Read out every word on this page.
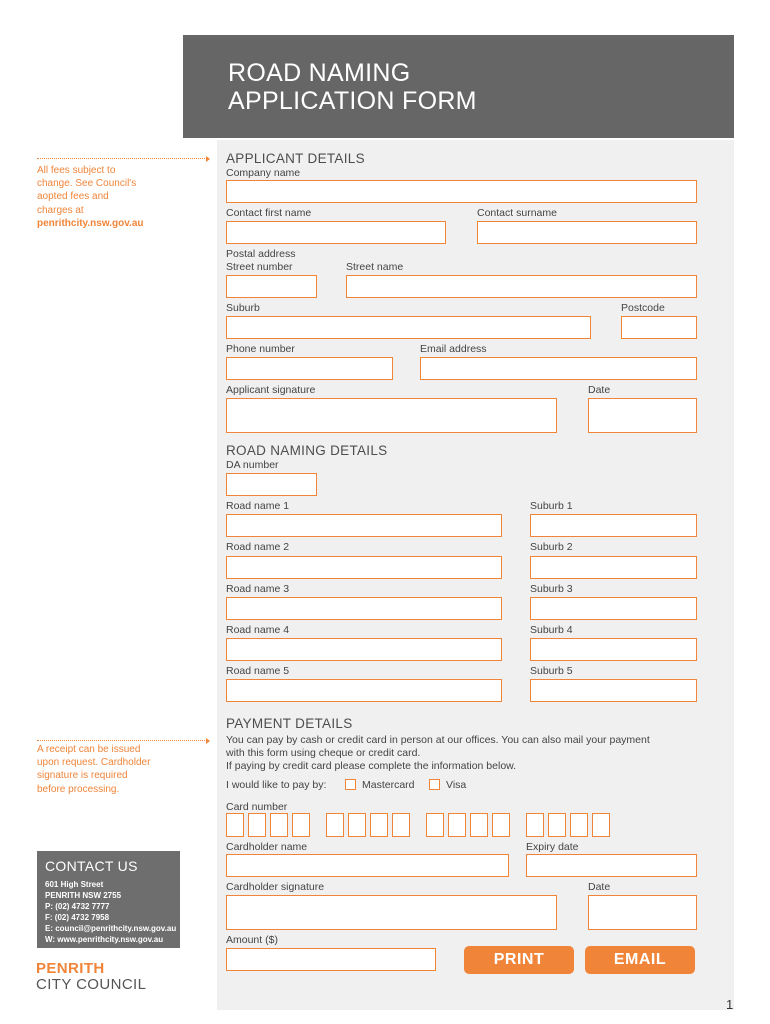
ROAD NAMING
APPLICATION FORM
All fees subject to
change. See Council's
aopted fees and
charges at
penrithcity.nsw.gov.au
APPLICANT DETAILS
Company name
Contact first name	Contact surname
Postal address
Street number	Street name
Suburb	Postcode
Phone number	Email address
Applicant signature	Date
ROAD NAMING DETAILS
DA number
Road name 1	Suburb 1
Road name 2	Suburb 2
Road name 3	Suburb 3
Road name 4	Suburb 4
Road name 5	Suburb 5
A receipt can be issued
upon request. Cardholder
signature is required
before processing.
PAYMENT DETAILS
You can pay by cash or credit card in person at our offices. You can also mail your payment
with this form using cheque or credit card.
If paying by credit card please complete the information below.
I would like to pay by:	Mastercard	Visa
Card number
Cardholder name	Expiry date
Cardholder signature	Date
Amount ($)
PRINT	EMAIL
CONTACT US
601 High Street
PENRITH NSW 2755
P: (02) 4732 7777
F: (02) 4732 7958
E: council@penrithcity.nsw.gov.au
W: www.penrithcity.nsw.gov.au
PENRITH
CITY COUNCIL
1
